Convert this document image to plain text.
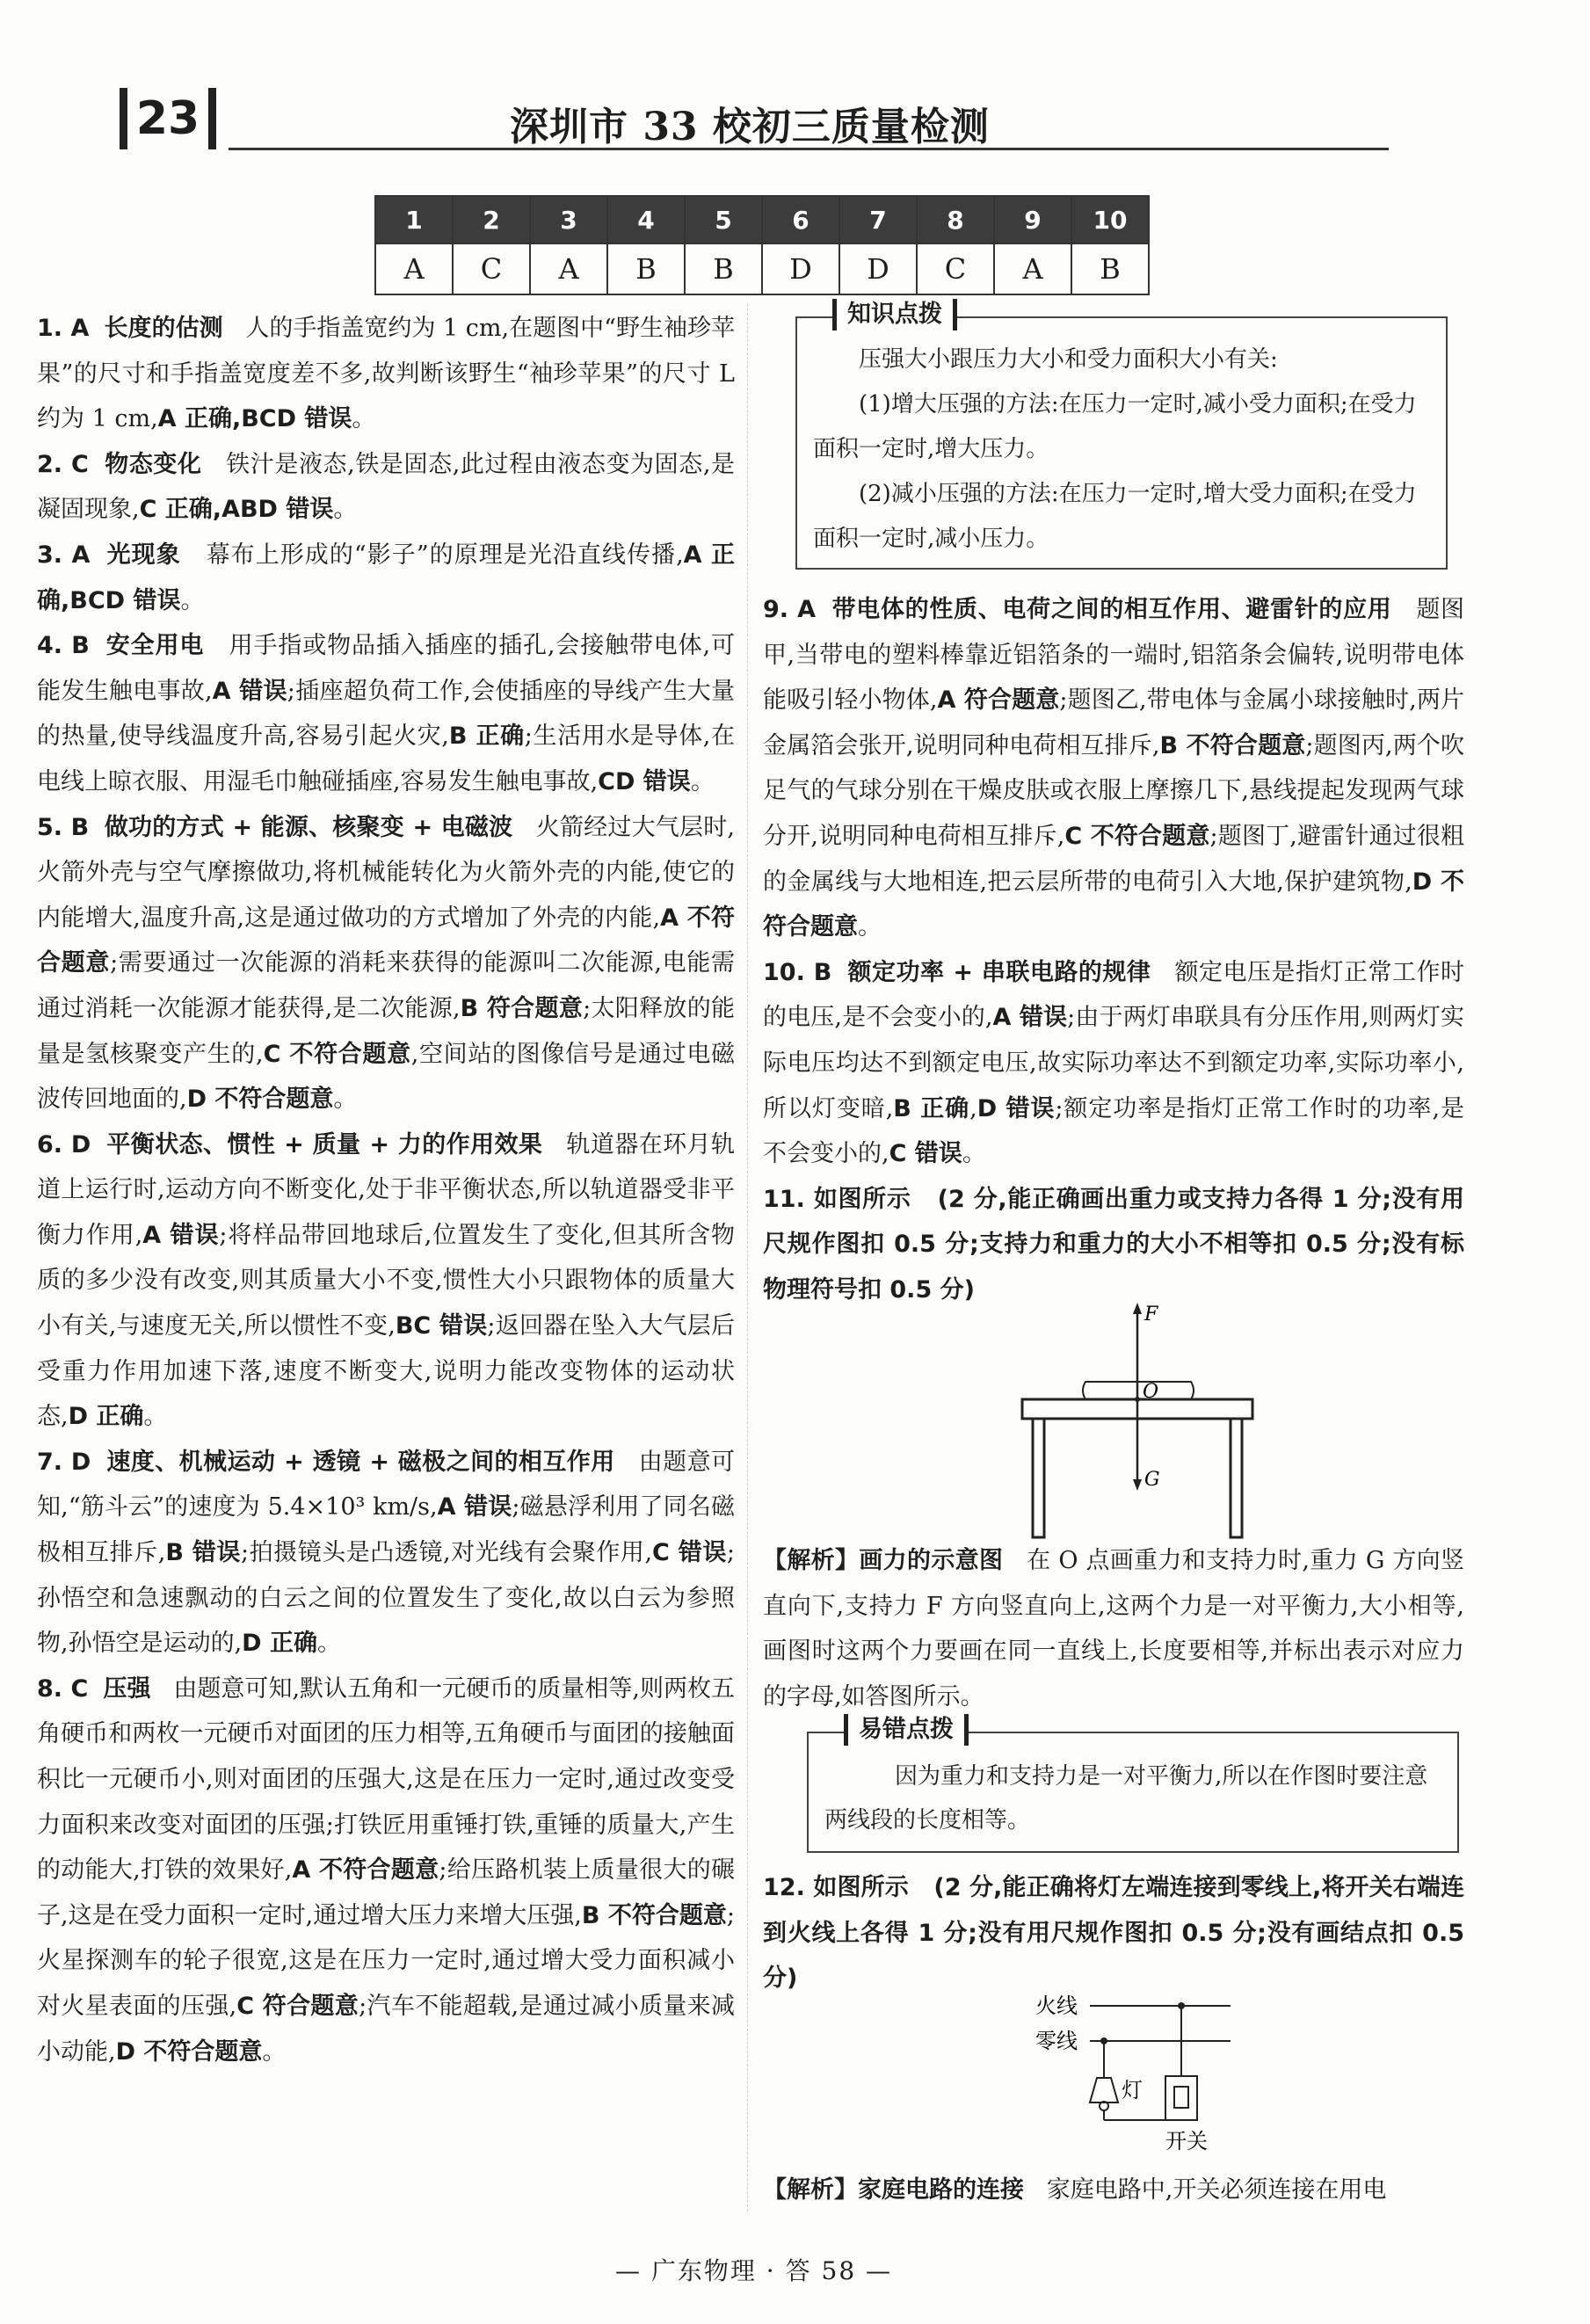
23	深圳市 33 校初三质量检测
1	2	3	4	5	6	7	8	9	10
A	C	A	B	B	D	D	C	A	B

1. A 长度的估测 人的手指盖宽约为 1 cm,在题图中“野生袖珍苹果”的尺寸和手指盖宽度差不多,故判断该野生“袖珍苹果”的尺寸 L 约为 1 cm,A 正确,BCD 错误。

2. C 物态变化 铁汁是液态,铁是固态,此过程由液态变为固态,是凝固现象,C 正确,ABD 错误。

3. A 光现象 幕布上形成的“影子”的原理是光沿直线传播,A 正确,BCD 错误。

4. B 安全用电 用手指或物品插入插座的插孔,会接触带电体,可能发生触电事故,A 错误;插座超负荷工作,会使插座的导线产生大量的热量,使导线温度升高,容易引起火灾,B 正确;生活用水是导体,在电线上晾衣服、用湿毛巾触碰插座,容易发生触电事故,CD 错误。

5. B 做功的方式 + 能源、核聚变 + 电磁波 火箭经过大气层时,火箭外壳与空气摩擦做功,将机械能转化为火箭外壳的内能,使它的内能增大,温度升高,这是通过做功的方式增加了外壳的内能,A 不符合题意;需要通过一次能源的消耗来获得的能源叫二次能源,电能需通过消耗一次能源才能获得,是二次能源,B 符合题意;太阳释放的能量是氢核聚变产生的,C 不符合题意,空间站的图像信号是通过电磁波传回地面的,D 不符合题意。

6. D 平衡状态、惯性 + 质量 + 力的作用效果 轨道器在环月轨道上运行时,运动方向不断变化,处于非平衡状态,所以轨道器受非平衡力作用,A 错误;将样品带回地球后,位置发生了变化,但其所含物质的多少没有改变,则其质量大小不变,惯性大小只跟物体的质量大小有关,与速度无关,所以惯性不变,BC 错误;返回器在坠入大气层后受重力作用加速下落,速度不断变大,说明力能改变物体的运动状态,D 正确。

7. D 速度、机械运动 + 透镜 + 磁极之间的相互作用 由题意可知,“筋斗云”的速度为 5.4×10³ km/s,A 错误;磁悬浮利用了同名磁极相互排斥,B 错误;拍摄镜头是凸透镜,对光线有会聚作用,C 错误;孙悟空和急速飘动的白云之间的位置发生了变化,故以白云为参照物,孙悟空是运动的,D 正确。

8. C 压强 由题意可知,默认五角和一元硬币的质量相等,则两枚五角硬币和两枚一元硬币对面团的压力相等,五角硬币与面团的接触面积比一元硬币小,则对面团的压强大,这是在压力一定时,通过改变受力面积来改变对面团的压强;打铁匠用重锤打铁,重锤的质量大,产生的动能大,打铁的效果好,A 不符合题意;给压路机装上质量很大的碾子,这是在受力面积一定时,通过增大压力来增大压强,B 不符合题意;火星探测车的轮子很宽,这是在压力一定时,通过增大受力面积减小对火星表面的压强,C 符合题意;汽车不能超载,是通过减小质量来减小动能,D 不符合题意。

知识点拨

压强大小跟压力大小和受力面积大小有关:

(1)增大压强的方法:在压力一定时,减小受力面积;在受力面积一定时,增大压力。

(2)减小压强的方法:在压力一定时,增大受力面积;在受力面积一定时,减小压力。

9. A 带电体的性质、电荷之间的相互作用、避雷针的应用 题图甲,当带电的塑料棒靠近铝箔条的一端时,铝箔条会偏转,说明带电体能吸引轻小物体,A 符合题意;题图乙,带电体与金属小球接触时,两片金属箔会张开,说明同种电荷相互排斥,B 不符合题意;题图丙,两个吹足气的气球分别在干燥皮肤或衣服上摩擦几下,悬线提起发现两气球分开,说明同种电荷相互排斥,C 不符合题意;题图丁,避雷针通过很粗的金属线与大地相连,把云层所带的电荷引入大地,保护建筑物,D 不符合题意。

10. B 额定功率 + 串联电路的规律 额定电压是指灯正常工作时的电压,是不会变小的,A 错误;由于两灯串联具有分压作用,则两灯实际电压均达不到额定电压,故实际功率达不到额定功率,实际功率小,所以灯变暗,B 正确,D 错误;额定功率是指灯正常工作时的功率,是不会变小的,C 错误。

11. 如图所示 (2 分,能正确画出重力或支持力各得 1 分;没有用尺规作图扣 0.5 分;支持力和重力的大小不相等扣 0.5 分;没有标物理符号扣 0.5 分)

F
O
G

【解析】画力的示意图 在 O 点画重力和支持力时,重力 G 方向竖直向下,支持力 F 方向竖直向上,这两个力是一对平衡力,大小相等,画图时这两个力要画在同一直线上,长度要相等,并标出表示对应力的字母,如答图所示。

易错点拨

因为重力和支持力是一对平衡力,所以在作图时要注意两线段的长度相等。

12. 如图所示 (2 分,能正确将灯左端连接到零线上,将开关右端连到火线上各得 1 分;没有用尺规作图扣 0.5 分;没有画结点扣 0.5 分)

火线
零线
灯
开关

【解析】家庭电路的连接 家庭电路中,开关必须连接在用电

— 广东物理 · 答 58 —
